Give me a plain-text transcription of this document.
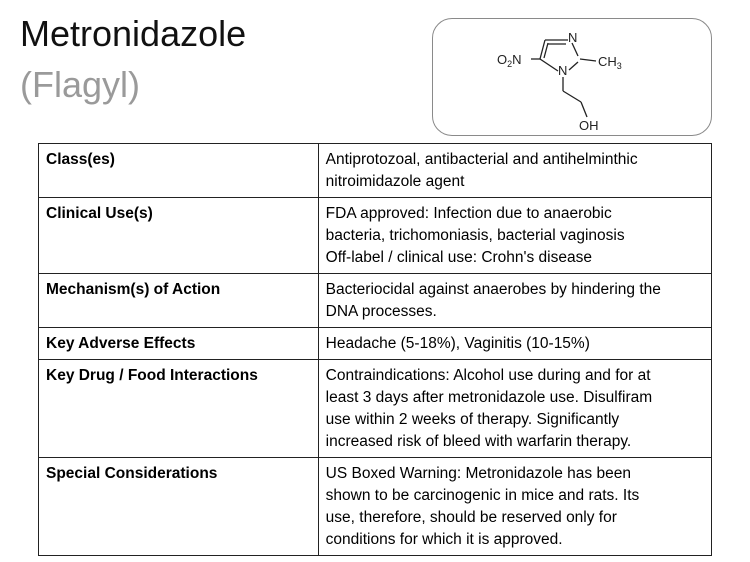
Metronidazole
(Flagyl)
N
N
$O_2N$	$CH_3$
OH
Class(es)	Antiprotozoal, antibacterial and antihelminthic
nitroimidazole agent

Clinical Use(s)	FDA approved: Infection due to anaerobic
bacteria, trichomoniasis, bacterial vaginosis
Off-label / clinical use: Crohn's disease

Mechanism(s) of Action	Bacteriocidal against anaerobes by hindering the
DNA processes.

Key Adverse Effects	Headache (5-18%), Vaginitis (10-15%)

Key Drug / Food Interactions	Contraindications: Alcohol use during and for at
least 3 days after metronidazole use. Disulfiram
use within 2 weeks of therapy. Significantly
increased risk of bleed with warfarin therapy.

Special Considerations	US Boxed Warning: Metronidazole has been
shown to be carcinogenic in mice and rats. Its
use, therefore, should be reserved only for
conditions for which it is approved.
